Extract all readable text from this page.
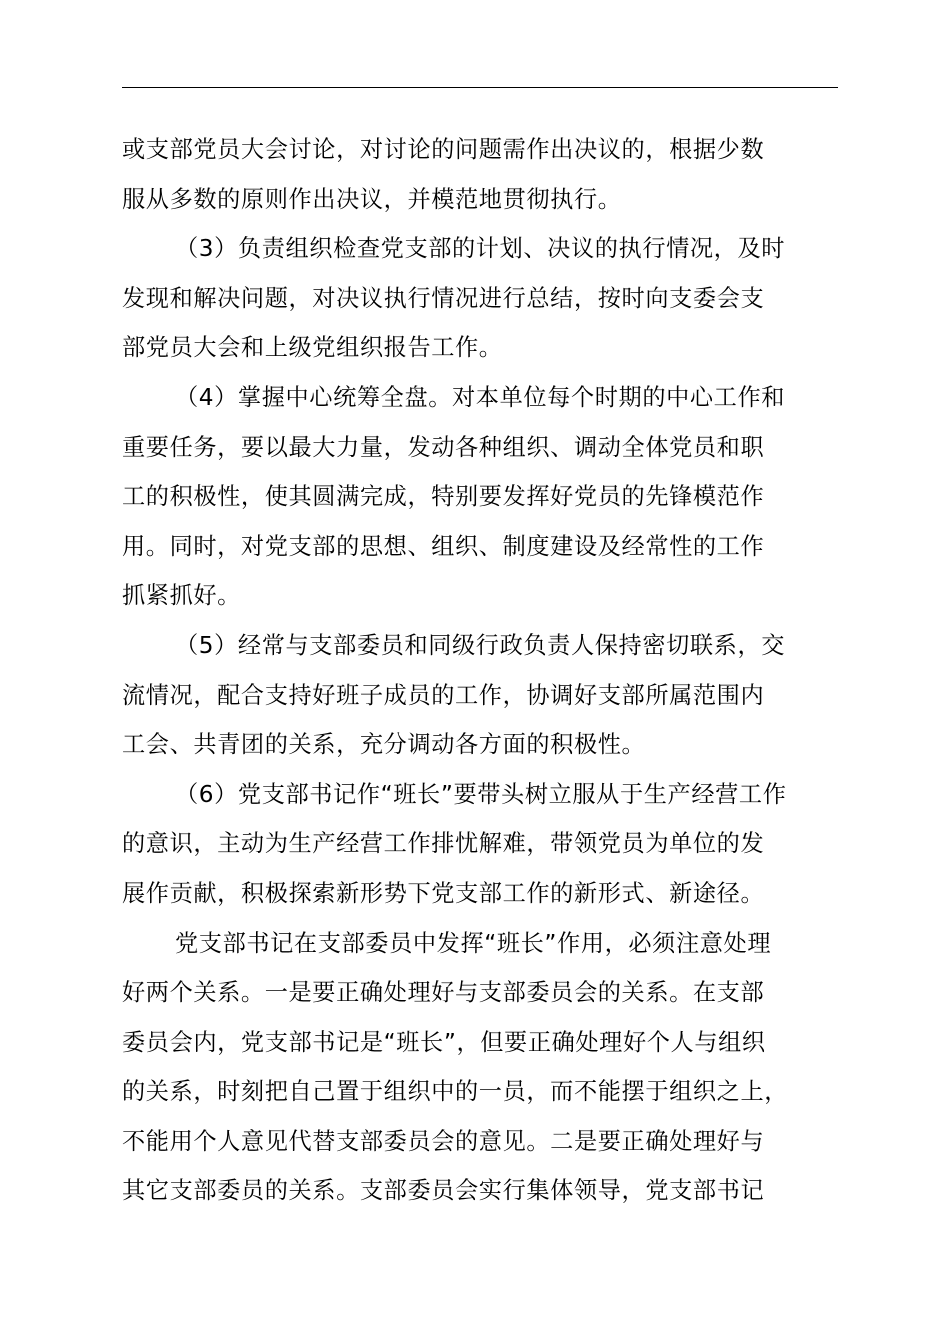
或支部党员大会讨论，对讨论的问题需作出决议的，根据少数
服从多数的原则作出决议，并模范地贯彻执行。
（3）负责组织检查党支部的计划、决议的执行情况，及时
发现和解决问题，对决议执行情况进行总结，按时向支委会支
部党员大会和上级党组织报告工作。
（4）掌握中心统筹全盘。对本单位每个时期的中心工作和
重要任务，要以最大力量，发动各种组织、调动全体党员和职
工的积极性，使其圆满完成，特别要发挥好党员的先锋模范作
用。同时，对党支部的思想、组织、制度建设及经常性的工作
抓紧抓好。
（5）经常与支部委员和同级行政负责人保持密切联系，交
流情况，配合支持好班子成员的工作，协调好支部所属范围内
工会、共青团的关系，充分调动各方面的积极性。
（6）党支部书记作“班长”要带头树立服从于生产经营工作
的意识，主动为生产经营工作排忧解难，带领党员为单位的发
展作贡献，积极探索新形势下党支部工作的新形式、新途径。
党支部书记在支部委员中发挥“班长”作用，必须注意处理
好两个关系。一是要正确处理好与支部委员会的关系。在支部
委员会内，党支部书记是“班长”，但要正确处理好个人与组织
的关系，时刻把自己置于组织中的一员，而不能摆于组织之上，
不能用个人意见代替支部委员会的意见。二是要正确处理好与
其它支部委员的关系。支部委员会实行集体领导，党支部书记
